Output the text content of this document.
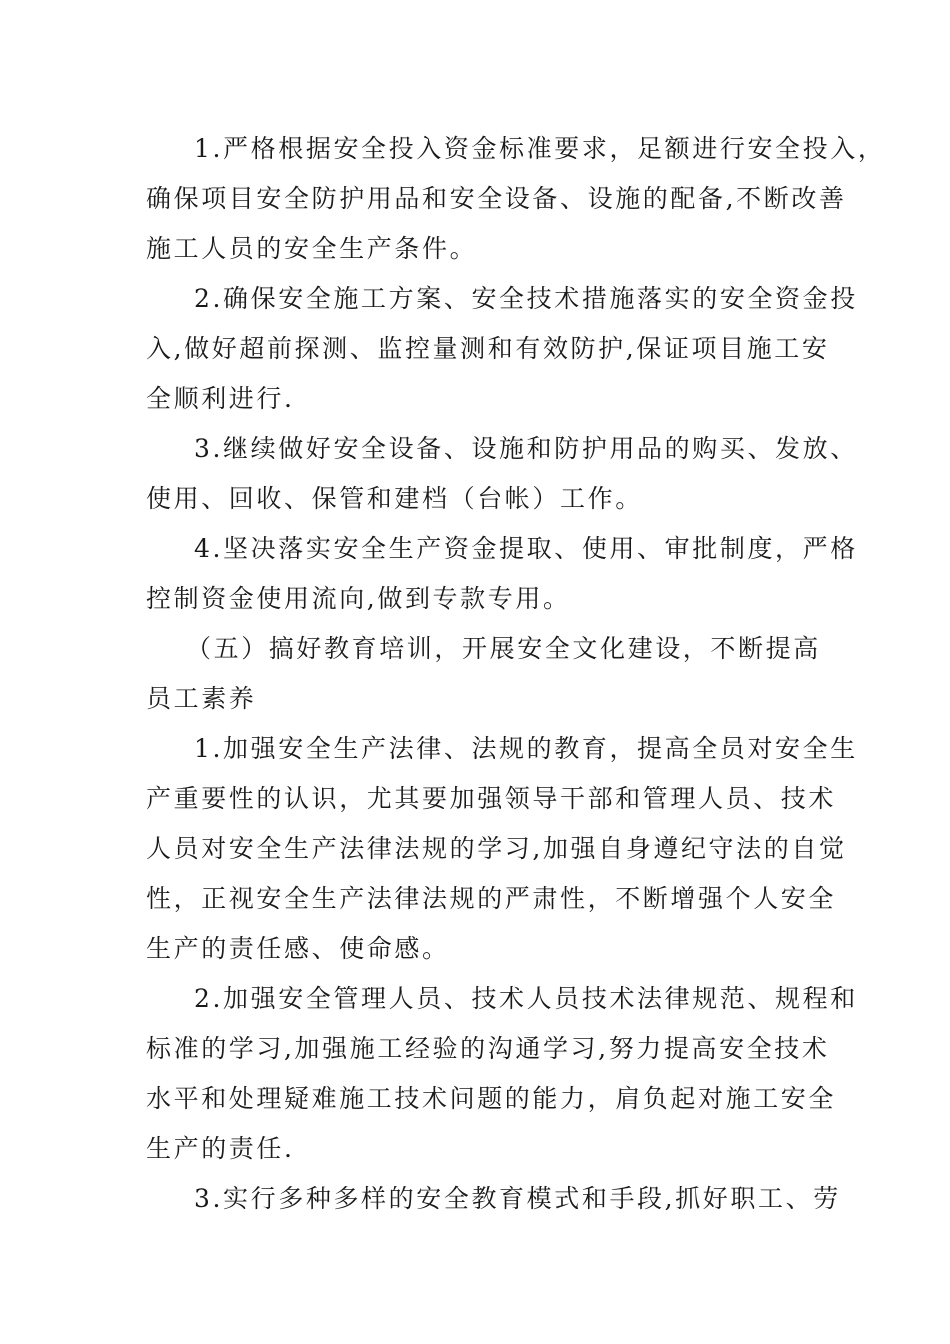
1.严格根据安全投入资金标准要求，足额进行安全投入，
确保项目安全防护用品和安全设备、设施的配备,不断改善
施工人员的安全生产条件。
2.确保安全施工方案、安全技术措施落实的安全资金投
入,做好超前探测、监控量测和有效防护,保证项目施工安
全顺利进行.
3.继续做好安全设备、设施和防护用品的购买、发放、
使用、回收、保管和建档（台帐）工作。
4.坚决落实安全生产资金提取、使用、审批制度，严格
控制资金使用流向,做到专款专用。
（五）搞好教育培训，开展安全文化建设，不断提高
员工素养
1.加强安全生产法律、法规的教育，提高全员对安全生
产重要性的认识，尤其要加强领导干部和管理人员、技术
人员对安全生产法律法规的学习,加强自身遵纪守法的自觉
性，正视安全生产法律法规的严肃性，不断增强个人安全
生产的责任感、使命感。
2.加强安全管理人员、技术人员技术法律规范、规程和
标准的学习,加强施工经验的沟通学习,努力提高安全技术
水平和处理疑难施工技术问题的能力，肩负起对施工安全
生产的责任.
3.实行多种多样的安全教育模式和手段,抓好职工、劳
